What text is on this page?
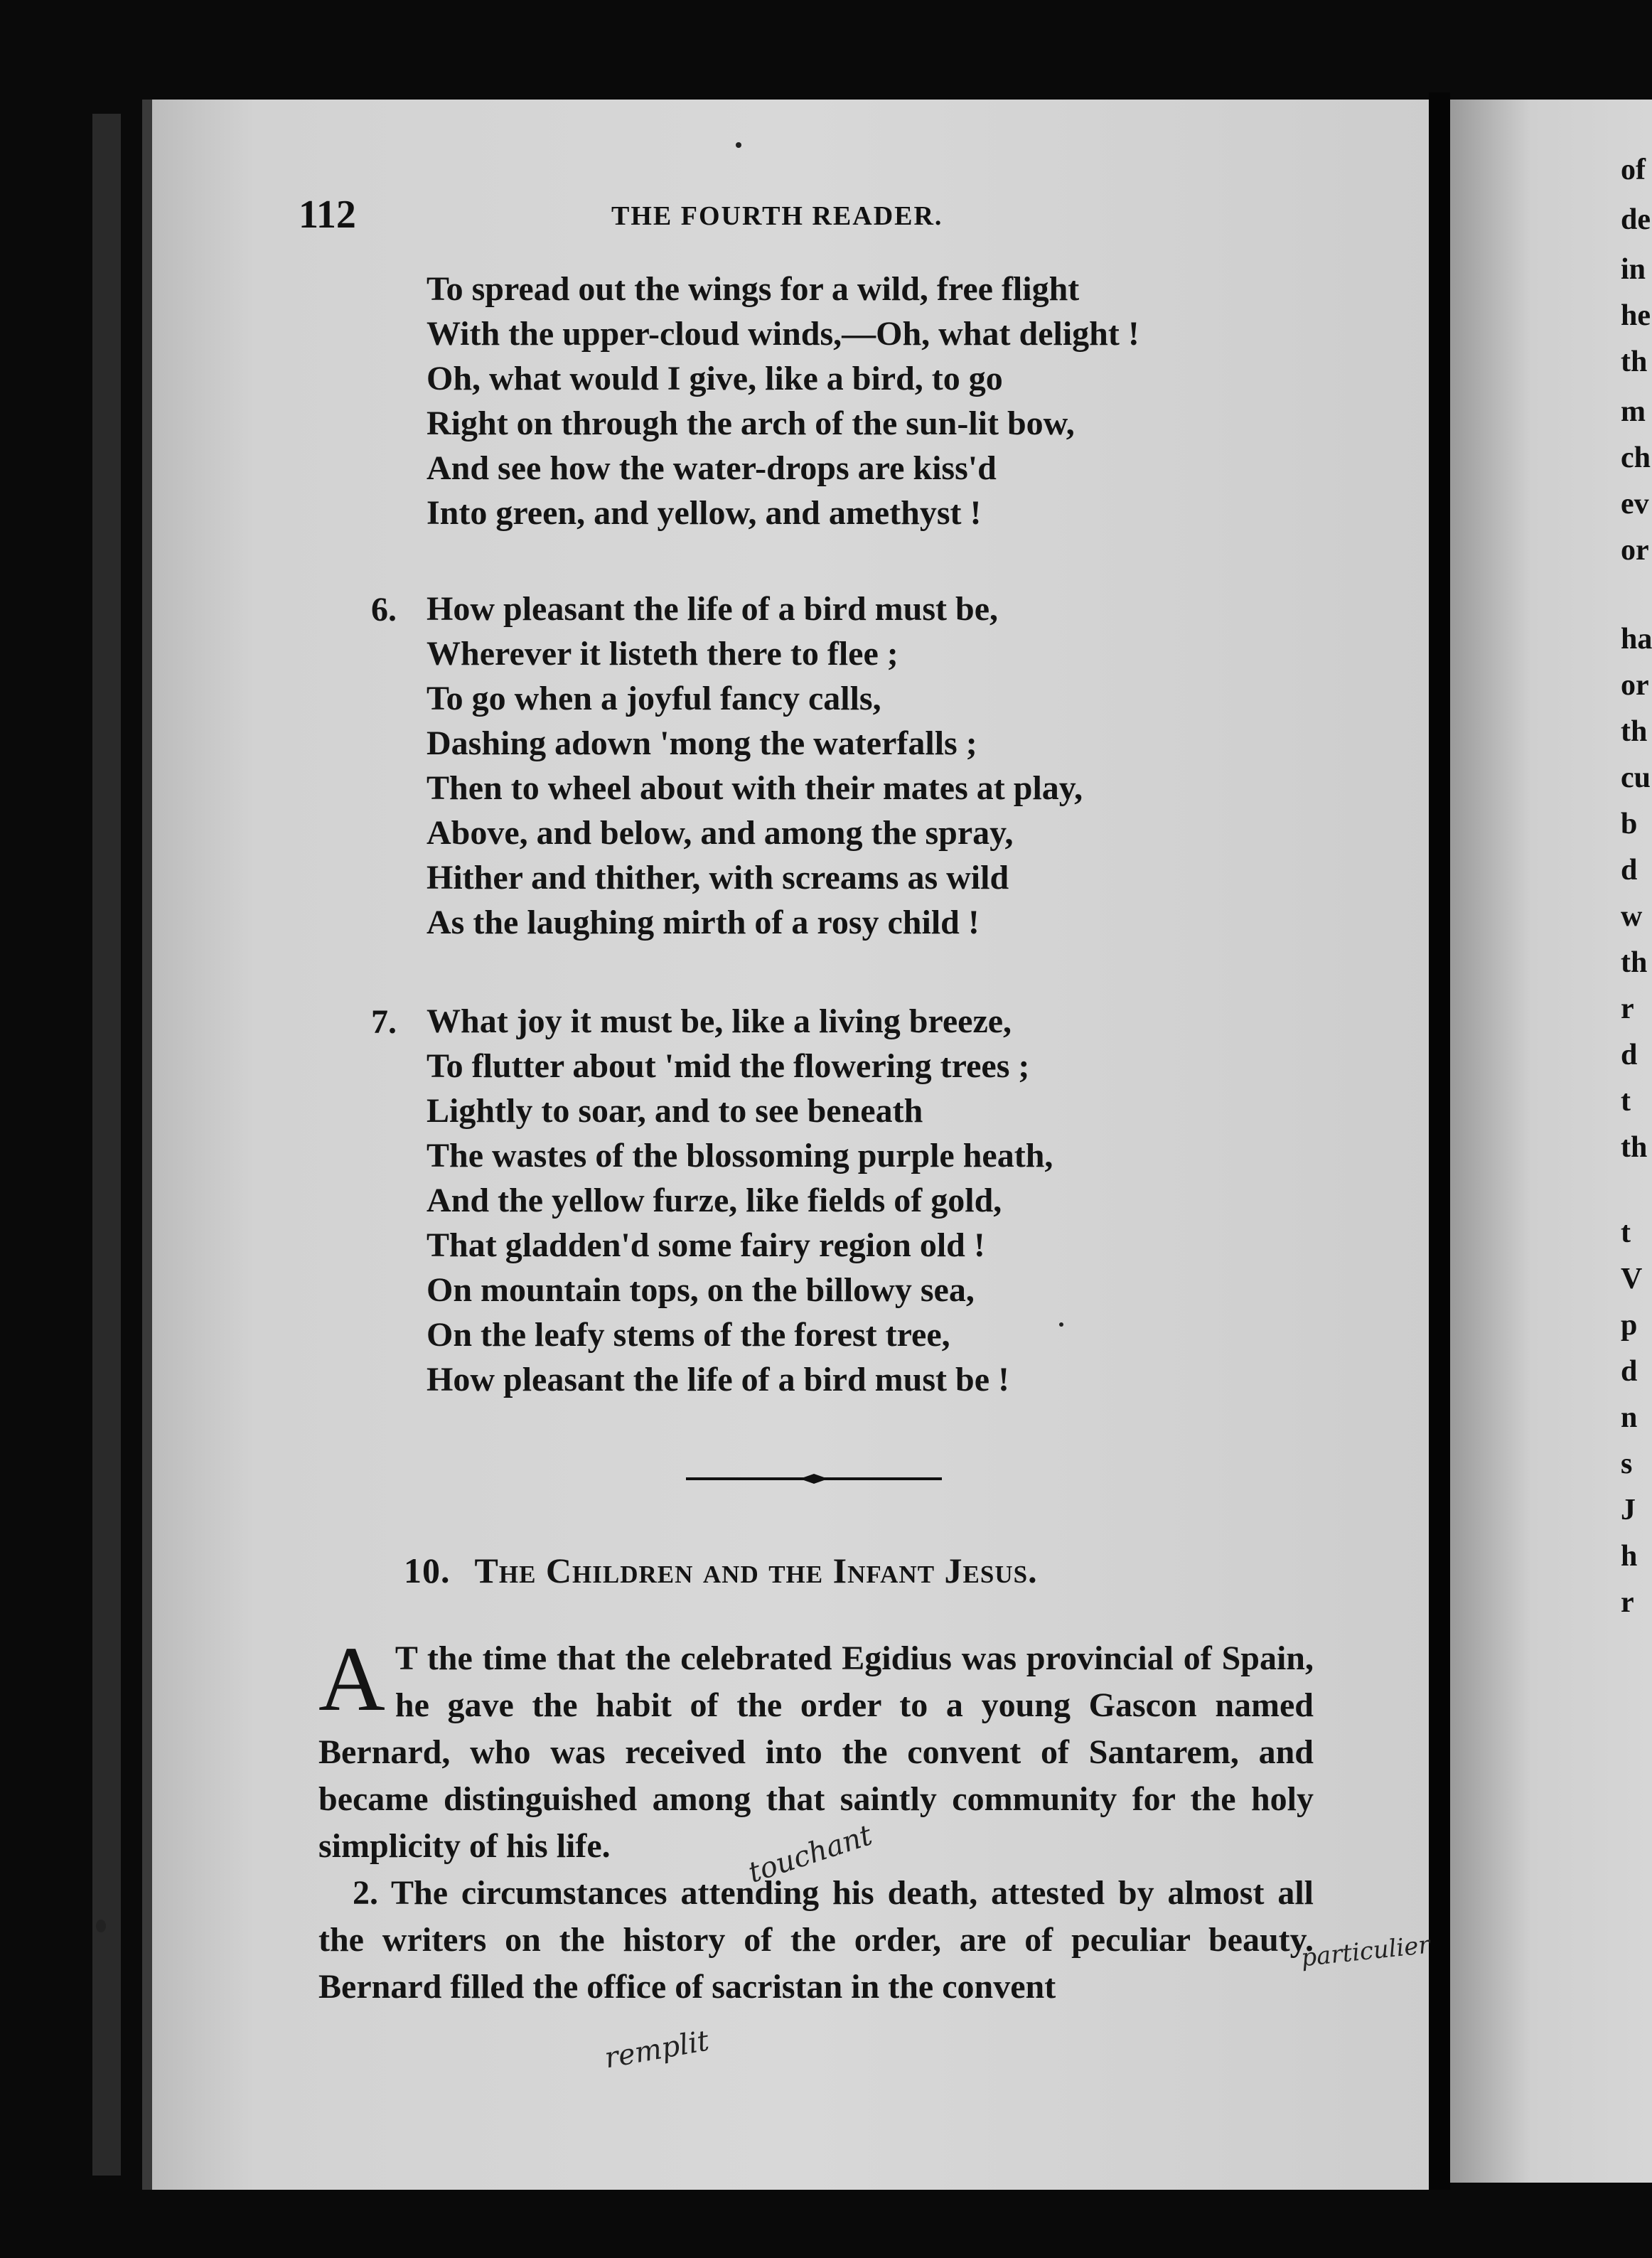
of
de
in
he
th
m
ch
ev
or
ha
or
th
cu
b
d
w
th
r
d
t
th
t
V
p
d
n
s
J
h
r
112	THE FOURTH READER.
To spread out the wings for a wild, free flight
With the upper-cloud winds,—Oh, what delight !
Oh, what would I give, like a bird, to go
Right on through the arch of the sun-lit bow,
And see how the water-drops are kiss'd
Into green, and yellow, and amethyst !
6. How pleasant the life of a bird must be,
Wherever it listeth there to flee ;
To go when a joyful fancy calls,
Dashing adown 'mong the waterfalls ;
Then to wheel about with their mates at play,
Above, and below, and among the spray,
Hither and thither, with screams as wild
As the laughing mirth of a rosy child !
7. What joy it must be, like a living breeze,
To flutter about 'mid the flowering trees ;
Lightly to soar, and to see beneath
The wastes of the blossoming purple heath,
And the yellow furze, like fields of gold,
That gladden'd some fairy region old !
On mountain tops, on the billowy sea,
On the leafy stems of the forest tree,
How pleasant the life of a bird must be !
10. The Children and the Infant Jesus.

A T the time that the celebrated Egidius was provincial of Spain, he gave the habit of the order to a young Gascon named Bernard, who was received into the convent of Santarem, and became distinguished among that saintly community for the holy simplicity of his life.

2. The circumstances attending his death, attested by almost all the writers on the history of the order, are of peculiar beauty. Bernard filled the office of sacristan in the convent

touchant
particulier
remplit
